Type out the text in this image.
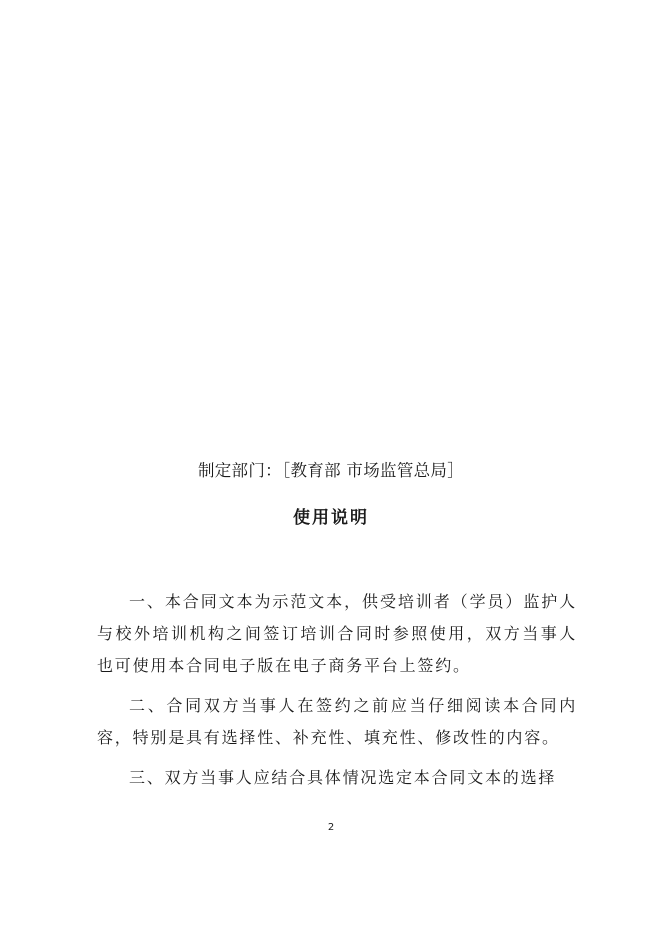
制定部门：［教育部 市场监管总局］
使用说明

一、本合同文本为示范文本，供受培训者（学员）监护人与校外培训机构之间签订培训合同时参照使用，双方当事人也可使用本合同电子版在电子商务平台上签约。

二、合同双方当事人在签约之前应当仔细阅读本合同内容，特别是具有选择性、补充性、填充性、修改性的内容。

三、双方当事人应结合具体情况选定本合同文本的选择

2
